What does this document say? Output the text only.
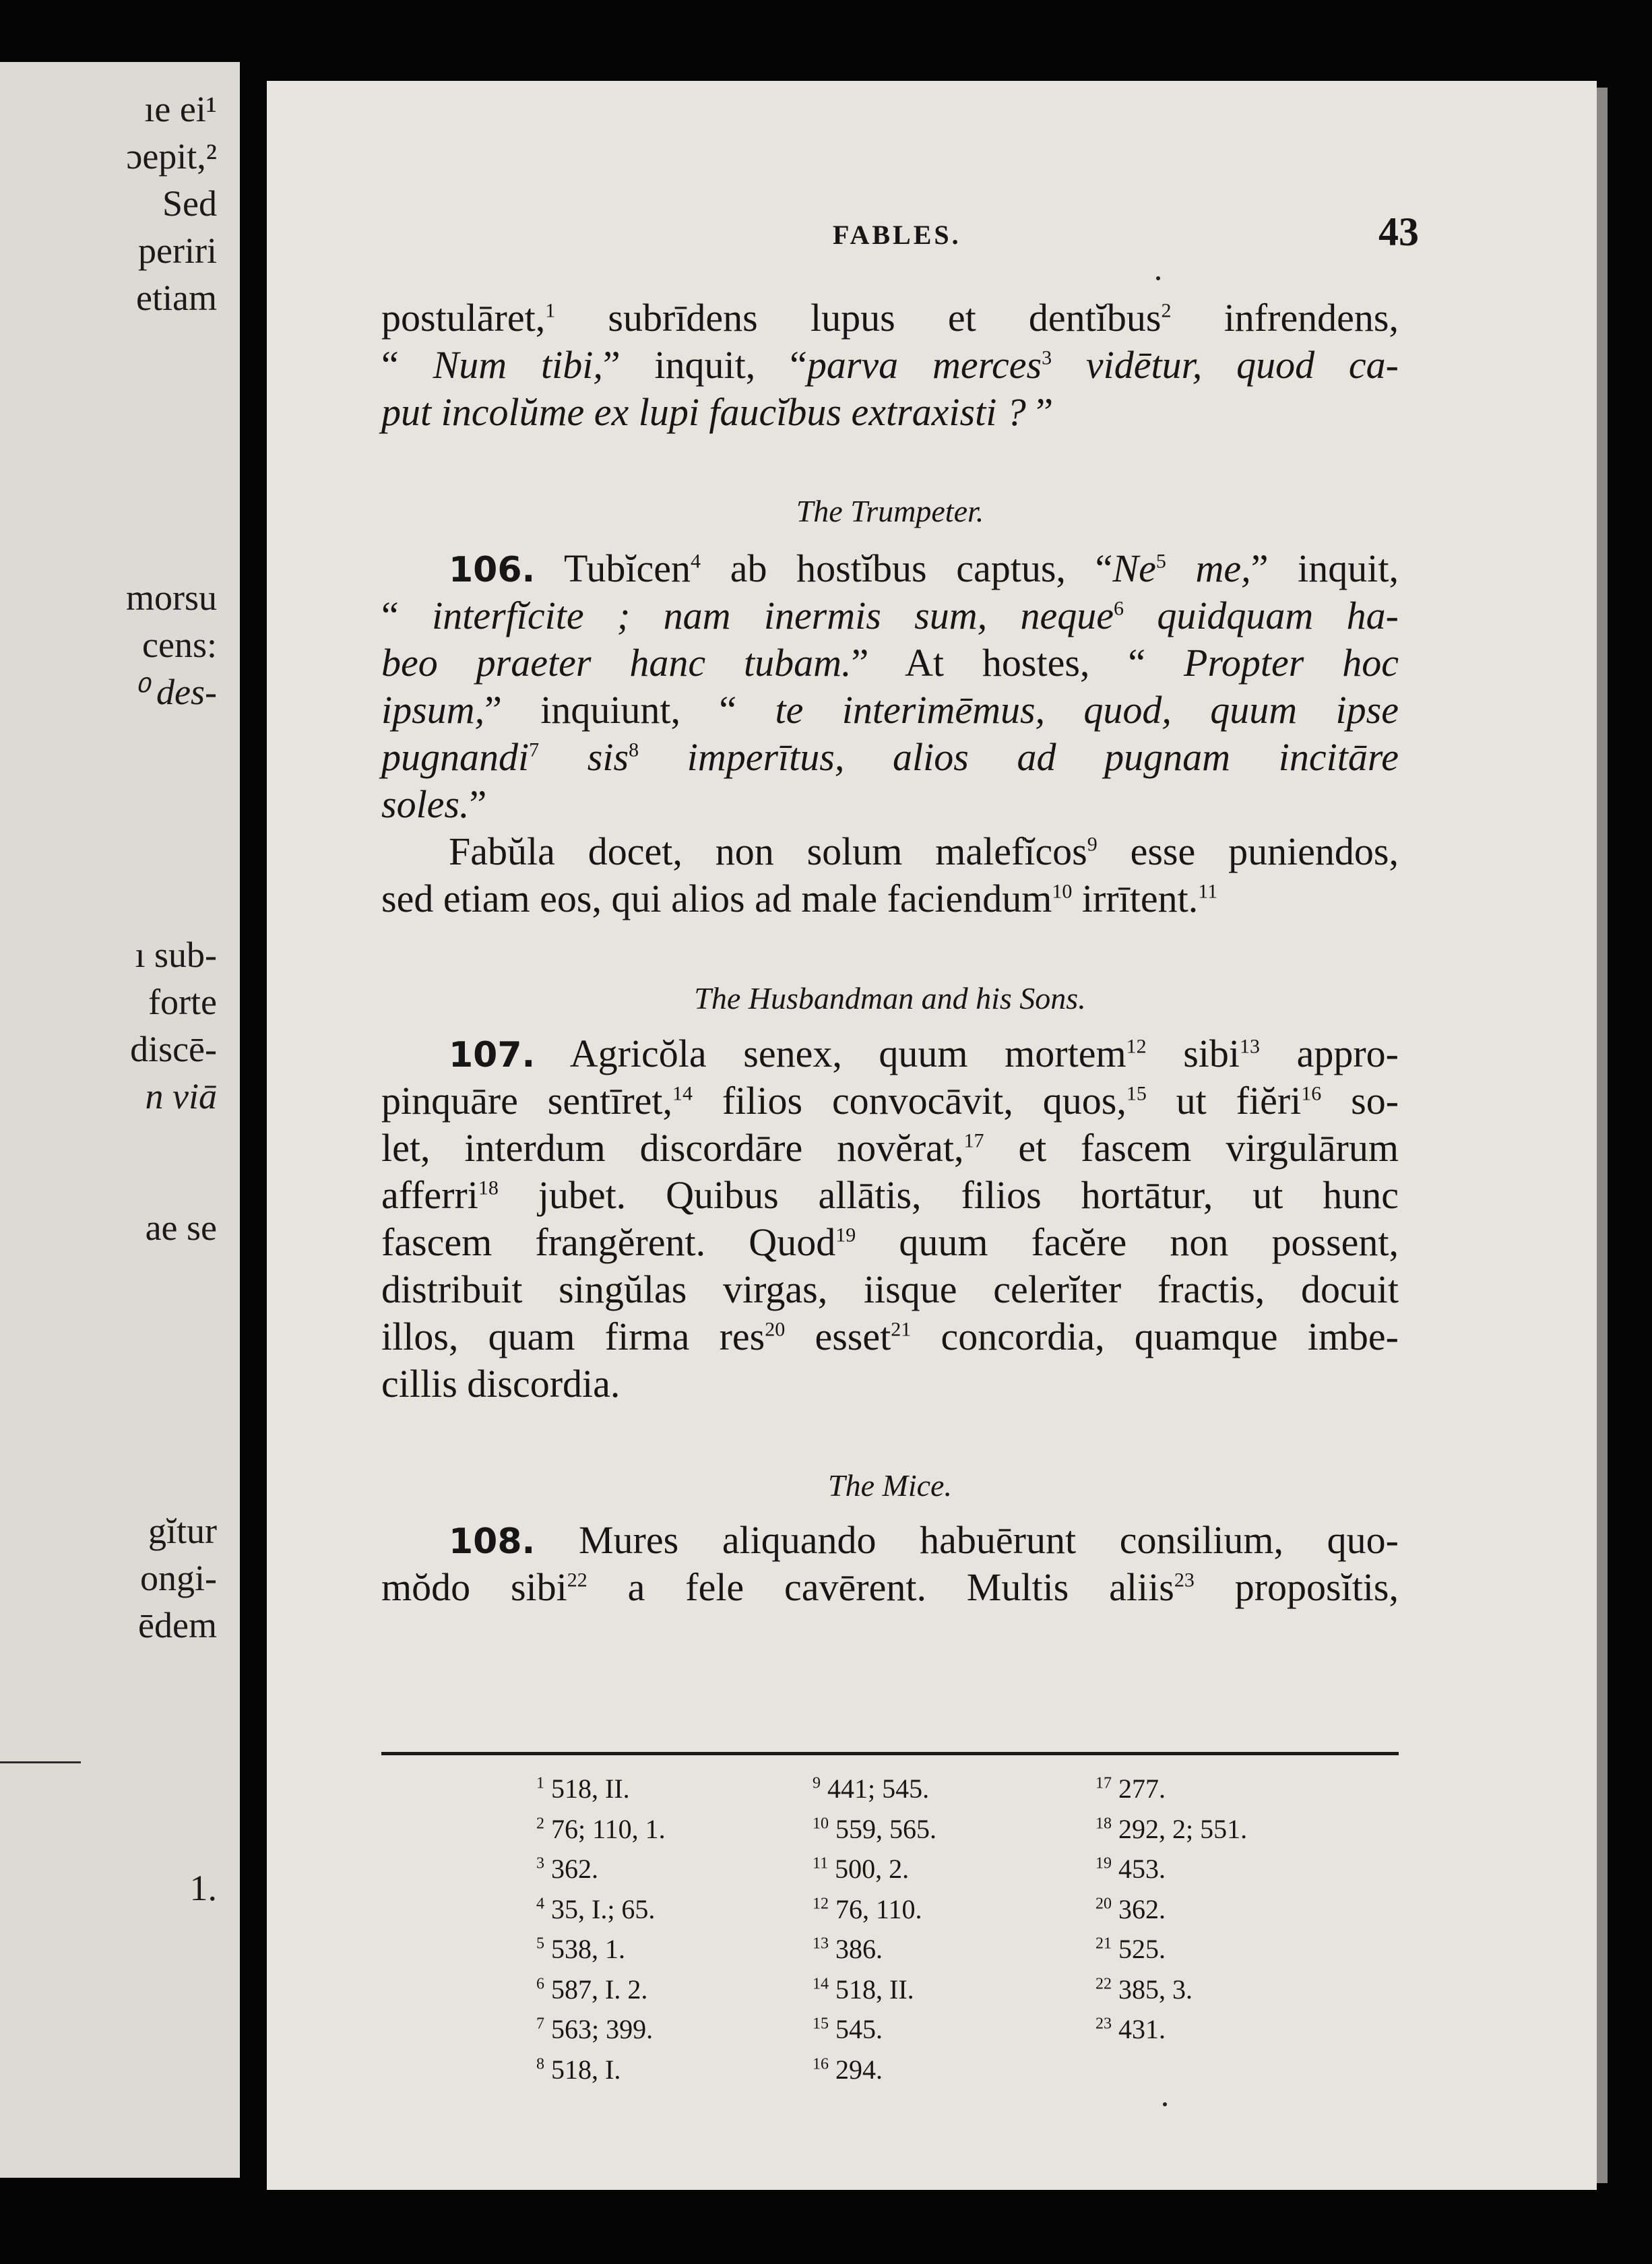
ıe ei¹
ɔepit,²
Sed
periri
etiam
morsu
cens:
⁰ des-
ı sub-
forte
discē-
n viā
ae se
gĭtur
ongi-
ēdem
1.
FABLES.	43
postulāret,$^1$ subrīdens lupus et dentĭbus$^2$ infrendens,
“ Num tibi,” inquit, “parva merces$^3$ vidētur, quod ca-
put incolŭme ex lupi faucĭbus extraxisti ? ”
The Trumpeter.
106. Tubĭcen$^4$ ab hostĭbus captus, “Ne$^5$ me,” inquit,
“ interfĭcite ; nam inermis sum, neque$^6$ quidquam ha-
beo praeter hanc tubam.” At hostes, “ Propter hoc
ipsum,” inquiunt, “ te interimēmus, quod, quum ipse
pugnandi$^7$ sis$^8$ imperītus, alios ad pugnam incitāre
soles.”
Fabŭla docet, non solum malefĭcos$^9$ esse puniendos,
sed etiam eos, qui alios ad male faciendum$^{10}$ irrītent.$^{11}$
The Husbandman and his Sons.
107. Agricŏla senex, quum mortem$^{12}$ sibi$^{13}$ appro-
pinquāre sentīret,$^{14}$ filios convocāvit, quos,$^{15}$ ut fiĕri$^{16}$ so-
let, interdum discordāre novĕrat,$^{17}$ et fascem virgulārum
afferri$^{18}$ jubet. Quibus allātis, filios hortātur, ut hunc
fascem frangĕrent. Quod$^{19}$ quum facĕre non possent,
distribuit singŭlas virgas, iisque celerĭter fractis, docuit
illos, quam firma res$^{20}$ esset$^{21}$ concordia, quamque imbe-
cillis discordia.
The Mice.
108. Mures aliquando habuērunt consilium, quo-
mŏdo sibi$^{22}$ a fele cavērent. Multis aliis$^{23}$ proposĭtis,
$^1$ 518, II.
$^2$ 76; 110, 1.
$^3$ 362.
$^4$ 35, I.; 65.
$^5$ 538, 1.
$^6$ 587, I. 2.
$^7$ 563; 399.
$^8$ 518, I.
$^9$ 441; 545.
$^{10}$ 559, 565.
$^{11}$ 500, 2.
$^{12}$ 76, 110.
$^{13}$ 386.
$^{14}$ 518, II.
$^{15}$ 545.
$^{16}$ 294.
$^{17}$ 277.
$^{18}$ 292, 2; 551.
$^{19}$ 453.
$^{20}$ 362.
$^{21}$ 525.
$^{22}$ 385, 3.
$^{23}$ 431.
